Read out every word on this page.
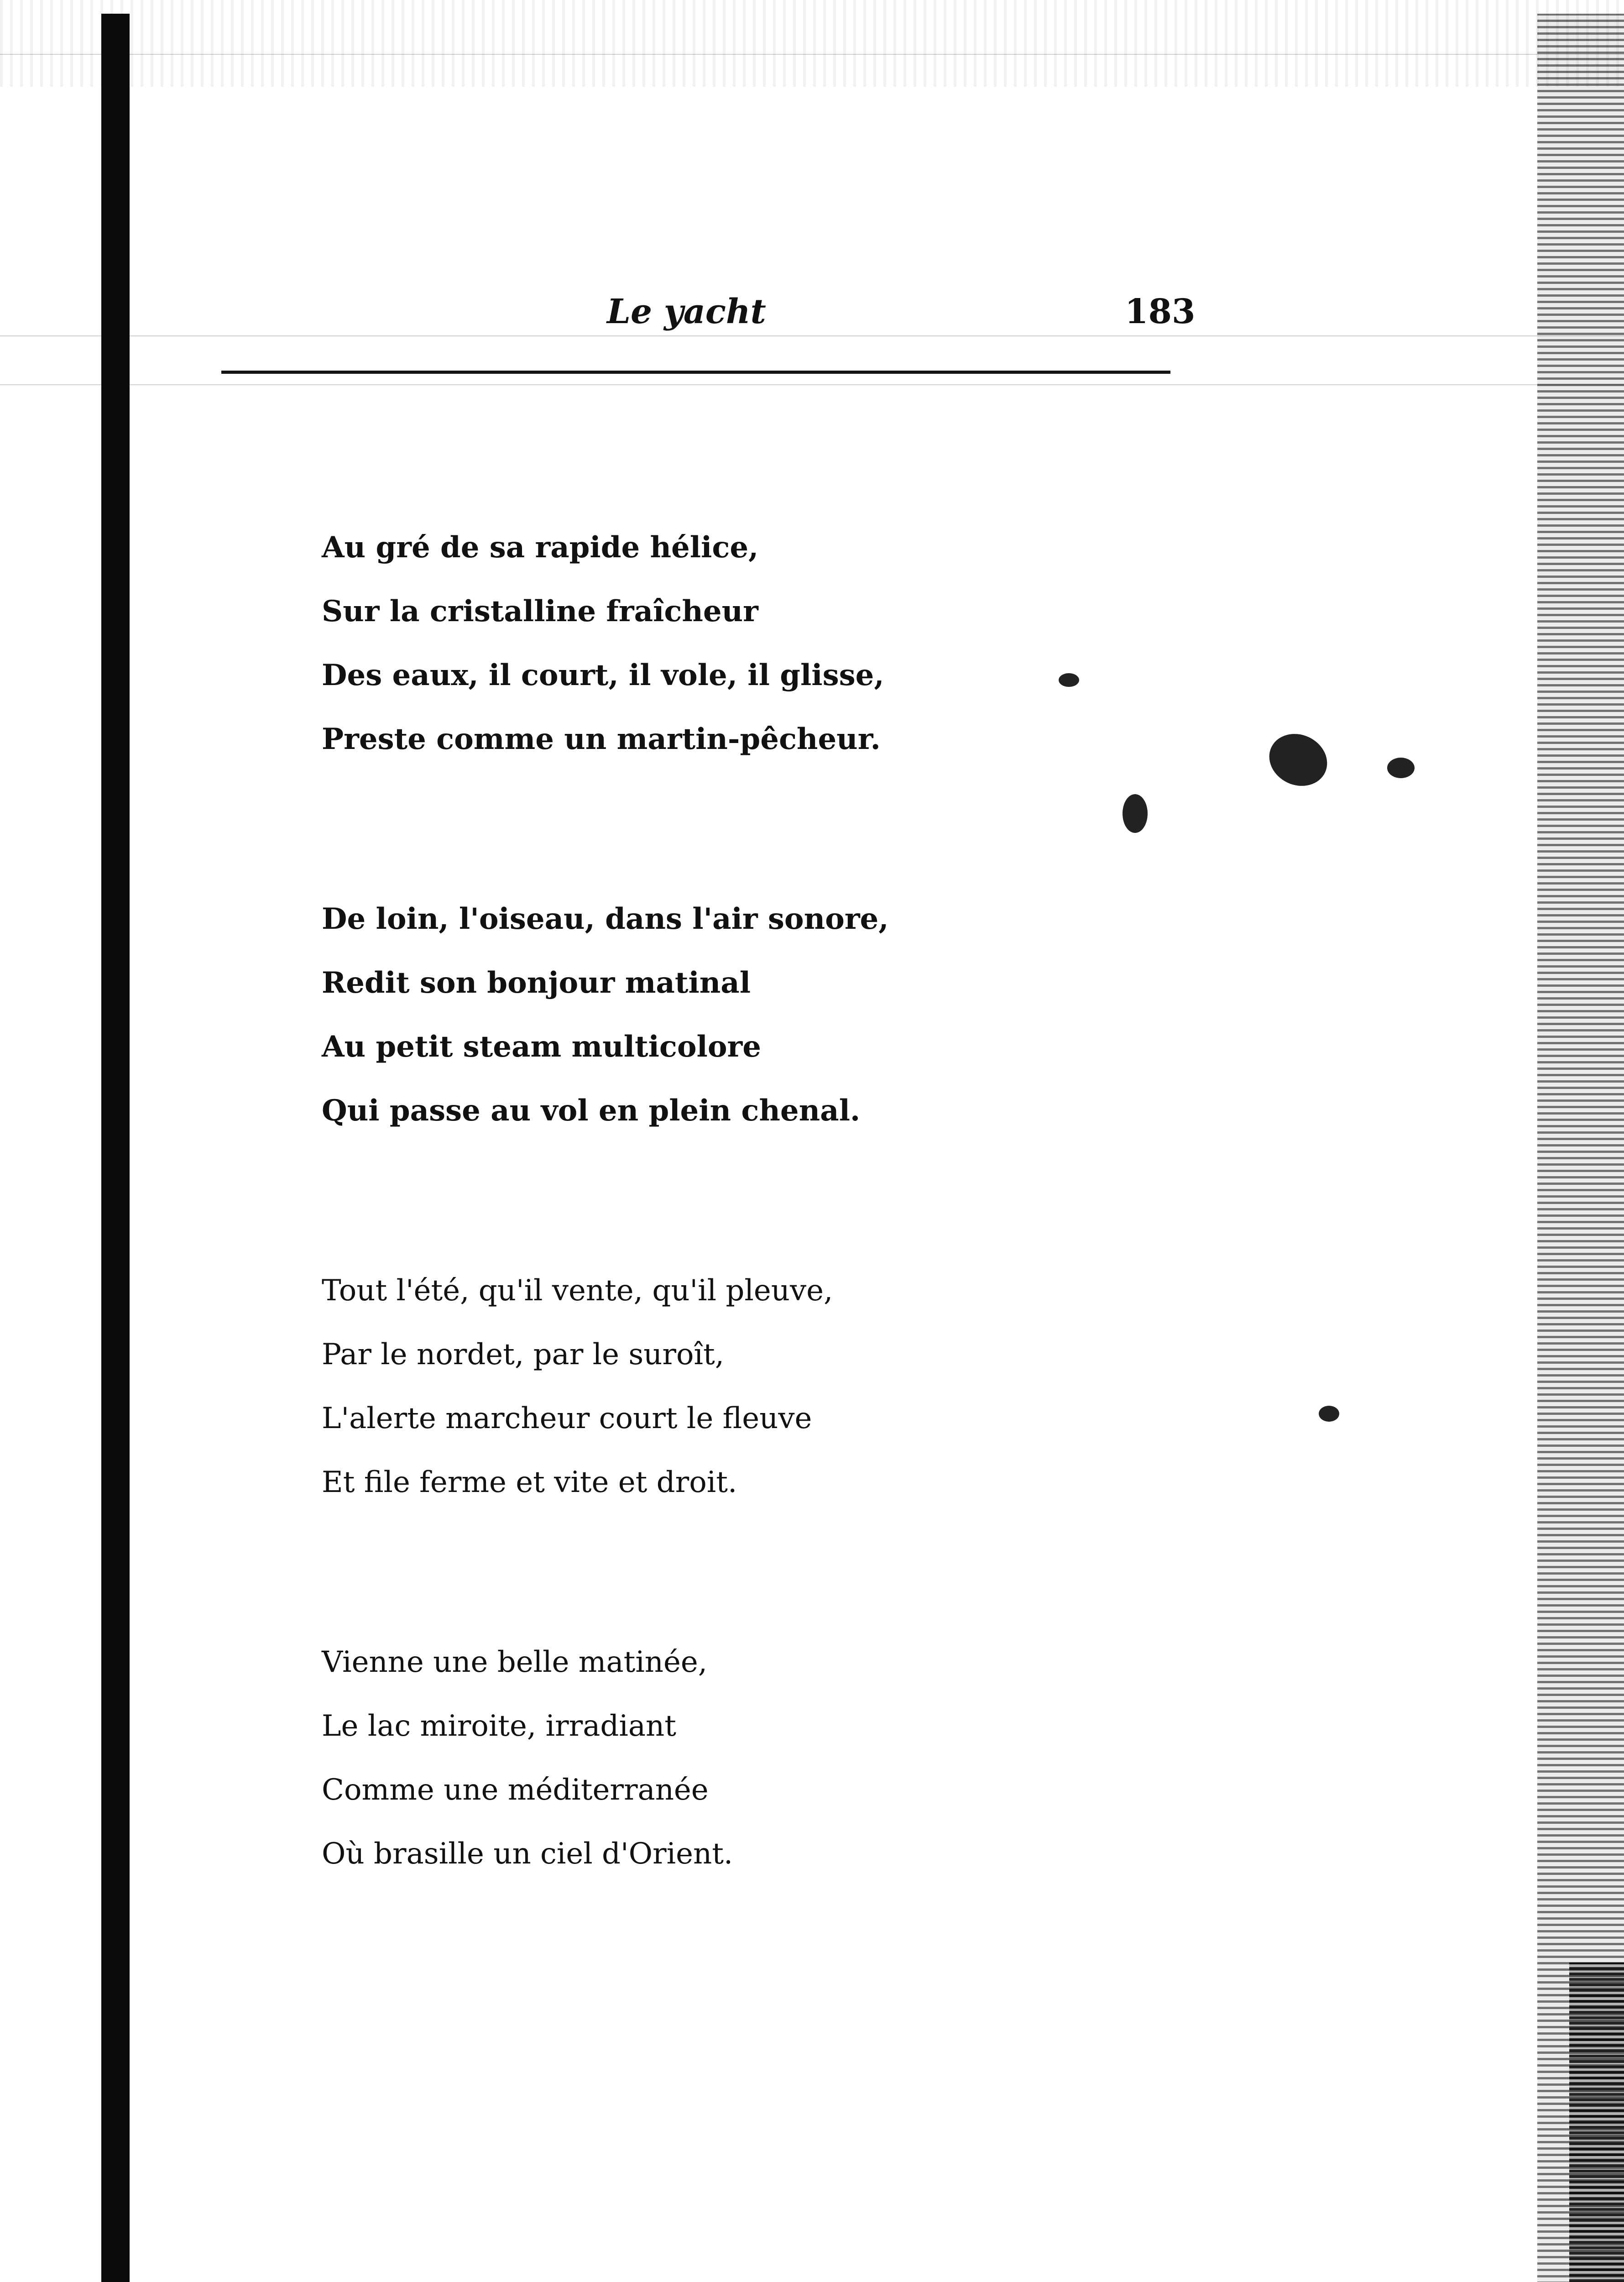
Le yacht	183
Au gré de sa rapide hélice,
Sur la cristalline fraîcheur
Des eaux, il court, il vole, il glisse,
Preste comme un martin-pêcheur.
De loin, l'oiseau, dans l'air sonore,
Redit son bonjour matinal
Au petit steam multicolore
Qui passe au vol en plein chenal.
Tout l'été, qu'il vente, qu'il pleuve,
Par le nordet, par le suroît,
L'alerte marcheur court le fleuve
Et file ferme et vite et droit.
Vienne une belle matinée,
Le lac miroite, irradiant
Comme une méditerranée
Où brasille un ciel d'Orient.
